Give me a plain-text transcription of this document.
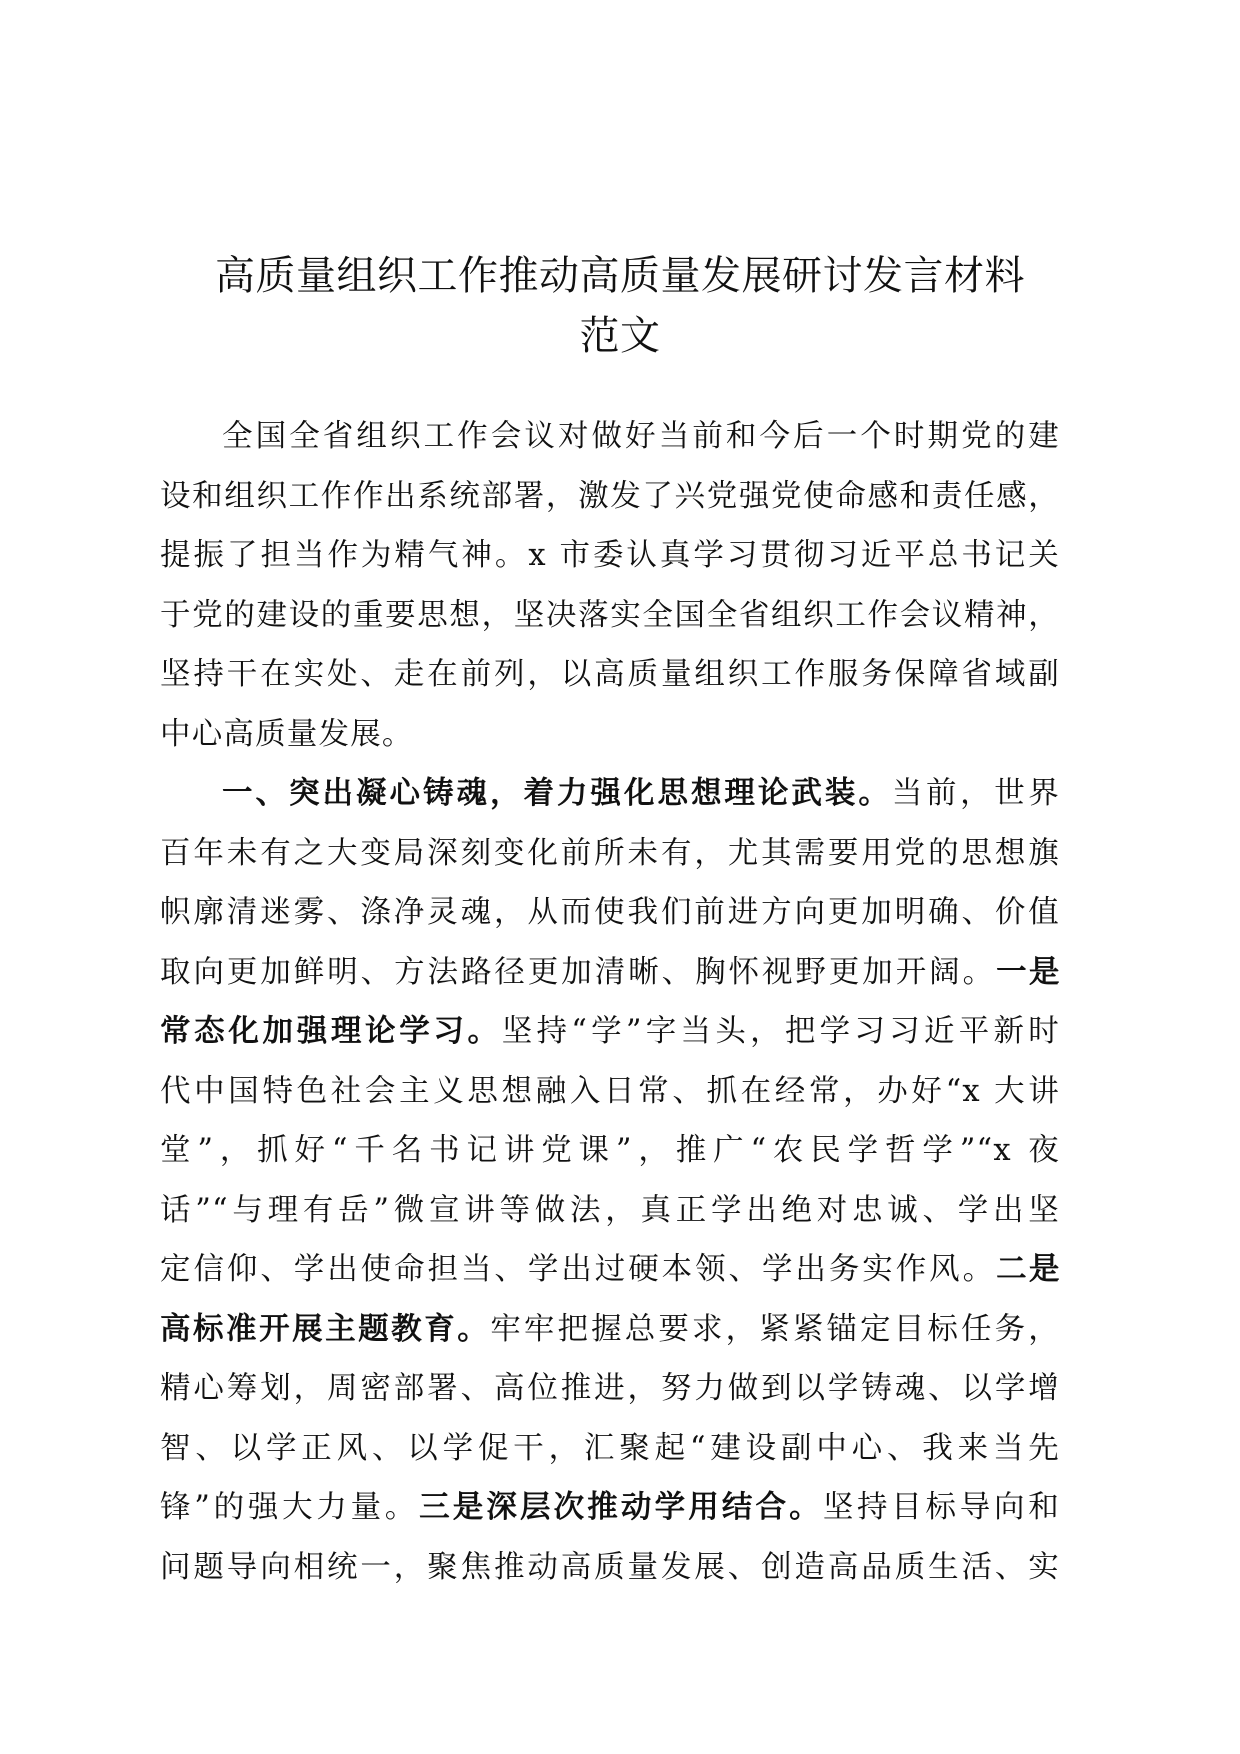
高质量组织工作推动高质量发展研讨发言材料
范文
全国全省组织工作会议对做好当前和今后一个时期党的建
设和组织工作作出系统部署，激发了兴党强党使命感和责任感，
提振了担当作为精气神。x 市委认真学习贯彻习近平总书记关
于党的建设的重要思想，坚决落实全国全省组织工作会议精神，
坚持干在实处、走在前列，以高质量组织工作服务保障省域副
中心高质量发展。
一、突出凝心铸魂，着力强化思想理论武装。当前，世界
百年未有之大变局深刻变化前所未有，尤其需要用党的思想旗
帜廓清迷雾、涤净灵魂，从而使我们前进方向更加明确、价值
取向更加鲜明、方法路径更加清晰、胸怀视野更加开阔。一是
常态化加强理论学习。坚持“学”字当头，把学习习近平新时
代中国特色社会主义思想融入日常、抓在经常，办好“x 大讲
堂”，抓好“千名书记讲党课”，推广“农民学哲学”“x 夜
话”“与理有岳”微宣讲等做法，真正学出绝对忠诚、学出坚
定信仰、学出使命担当、学出过硬本领、学出务实作风。二是
高标准开展主题教育。牢牢把握总要求，紧紧锚定目标任务，
精心筹划，周密部署、高位推进，努力做到以学铸魂、以学增
智、以学正风、以学促干，汇聚起“建设副中心、我来当先
锋”的强大力量。三是深层次推动学用结合。坚持目标导向和
问题导向相统一，聚焦推动高质量发展、创造高品质生活、实
